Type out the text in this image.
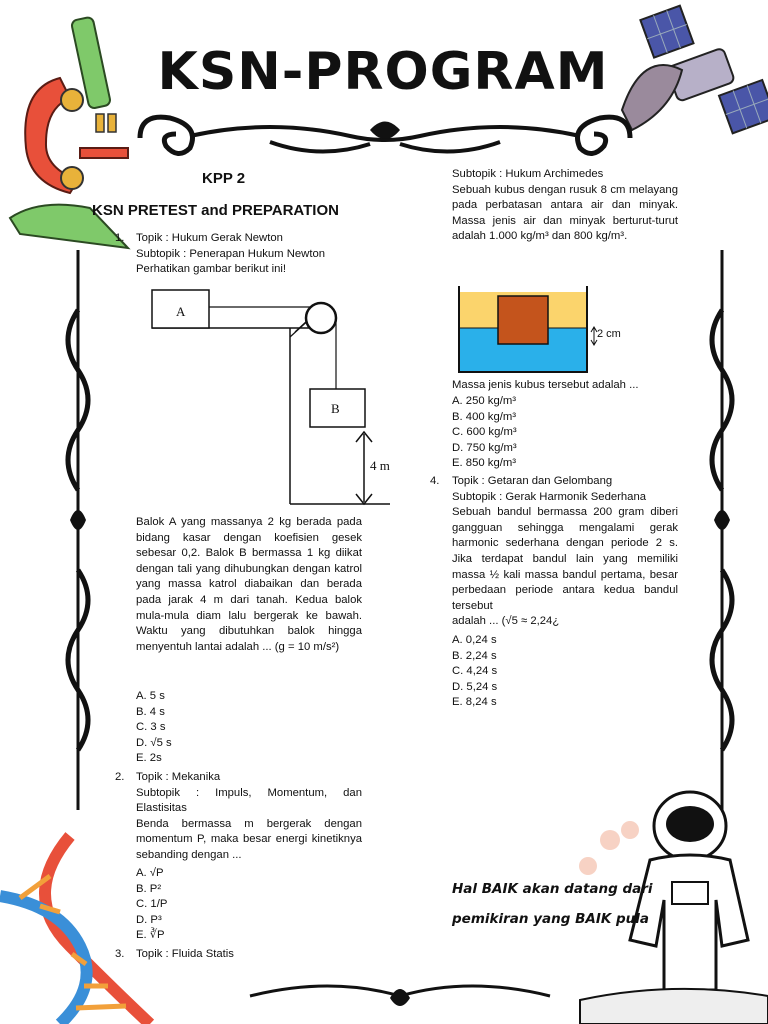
KSN-PROGRAM
KPP 2
KSN PRETEST and PREPARATION
1. Topik : Hukum Gerak Newton
Subtopik : Penerapan Hukum Newton
Perhatikan gambar berikut ini!
A
B
4 m
Balok A yang massanya 2 kg berada pada bidang kasar dengan koefisien gesek sebesar 0,2. Balok B bermassa 1 kg diikat dengan tali yang dihubungkan dengan katrol yang massa katrol diabaikan dan berada pada jarak 4 m dari tanah. Kedua balok mula-mula diam lalu bergerak ke bawah. Waktu yang dibutuhkan balok hingga menyentuh lantai adalah ... (g = 10 m/s²)
A. 5 s
B. 4 s
C. 3 s
D. √5 s
E. 2s
2. Topik : Mekanika
Subtopik : Impuls, Momentum, dan Elastisitas
Benda bermassa m bergerak dengan momentum P, maka besar energi kinetiknya sebanding dengan ...
A. √P
B. P²
C. 1/P
D. P³
E. ∛P
3. Topik : Fluida Statis
Subtopik : Hukum Archimedes
Sebuah kubus dengan rusuk 8 cm melayang pada perbatasan antara air dan minyak. Massa jenis air dan minyak berturut-turut adalah 1.000 kg/m³ dan 800 kg/m³.
2 cm
Massa jenis kubus tersebut adalah ...
A. 250 kg/m³
B. 400 kg/m³
C. 600 kg/m³
D. 750 kg/m³
E. 850 kg/m³
4. Topik : Getaran dan Gelombang
Subtopik : Gerak Harmonik Sederhana
Sebuah bandul bermassa 200 gram diberi gangguan sehingga mengalami gerak harmonic sederhana dengan periode 2 s. Jika terdapat bandul lain yang memiliki massa ½ kali massa bandul pertama, besar perbedaan periode antara kedua bandul tersebut
adalah ... (√5 ≈ 2,24¿
A. 0,24 s
B. 2,24 s
C. 4,24 s
D. 5,24 s
E. 8,24 s
Hal BAIK akan datang dari
pemikiran yang BAIK pula
